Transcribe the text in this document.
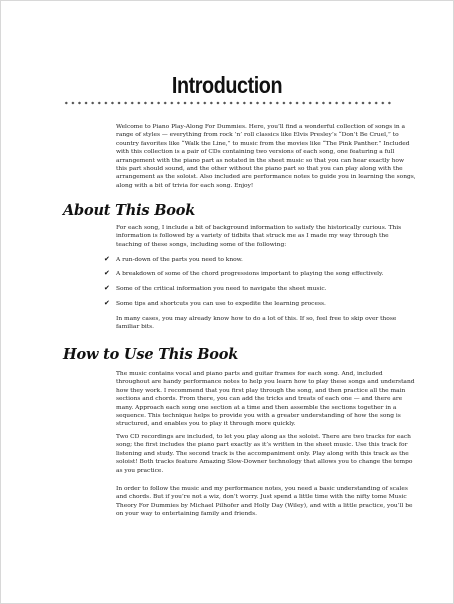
Introduction

Welcome to Piano Play-Along For Dummies. Here, you’ll find a wonderful collection of songs in a range of styles — everything from rock ’n’ roll classics like Elvis Presley’s “Don’t Be Cruel,” to country favorites like “Walk the Line,” to music from the movies like “The Pink Panther.” Included with this collection is a pair of CDs containing two versions of each song, one featuring a full arrangement with the piano part as notated in the sheet music so that you can hear exactly how this part should sound, and the other without the piano part so that you can play along with the arrangement as the soloist. Also included are performance notes to guide you in learning the songs, along with a bit of trivia for each song. Enjoy!

About This Book

For each song, I include a bit of background information to satisfy the historically curious. This information is followed by a variety of tidbits that struck me as I made my way through the teaching of these songs, including some of the following:

✔ A run-down of the parts you need to know.
✔ A breakdown of some of the chord progressions important to playing the song effectively.
✔ Some of the critical information you need to navigate the sheet music.
✔ Some tips and shortcuts you can use to expedite the learning process.

In many cases, you may already know how to do a lot of this. If so, feel free to skip over those familiar bits.

How to Use This Book

The music contains vocal and piano parts and guitar frames for each song. And, included throughout are handy performance notes to help you learn how to play these songs and understand how they work. I recommend that you first play through the song, and then practice all the main sections and chords. From there, you can add the tricks and treats of each one — and there are many. Approach each song one section at a time and then assemble the sections together in a sequence. This technique helps to provide you with a greater understanding of how the song is structured, and enables you to play it through more quickly.

Two CD recordings are included, to let you play along as the soloist. There are two tracks for each song; the first includes the piano part exactly as it’s written in the sheet music. Use this track for listening and study. The second track is the accompaniment only. Play along with this track as the soloist! Both tracks feature Amazing Slow-Downer technology that allows you to change the tempo as you practice.

In order to follow the music and my performance notes, you need a basic understanding of scales and chords. But if you’re not a wiz, don’t worry. Just spend a little time with the nifty tome Music Theory For Dummies by Michael Pilhofer and Holly Day (Wiley), and with a little practice, you’ll be on your way to entertaining family and friends.
